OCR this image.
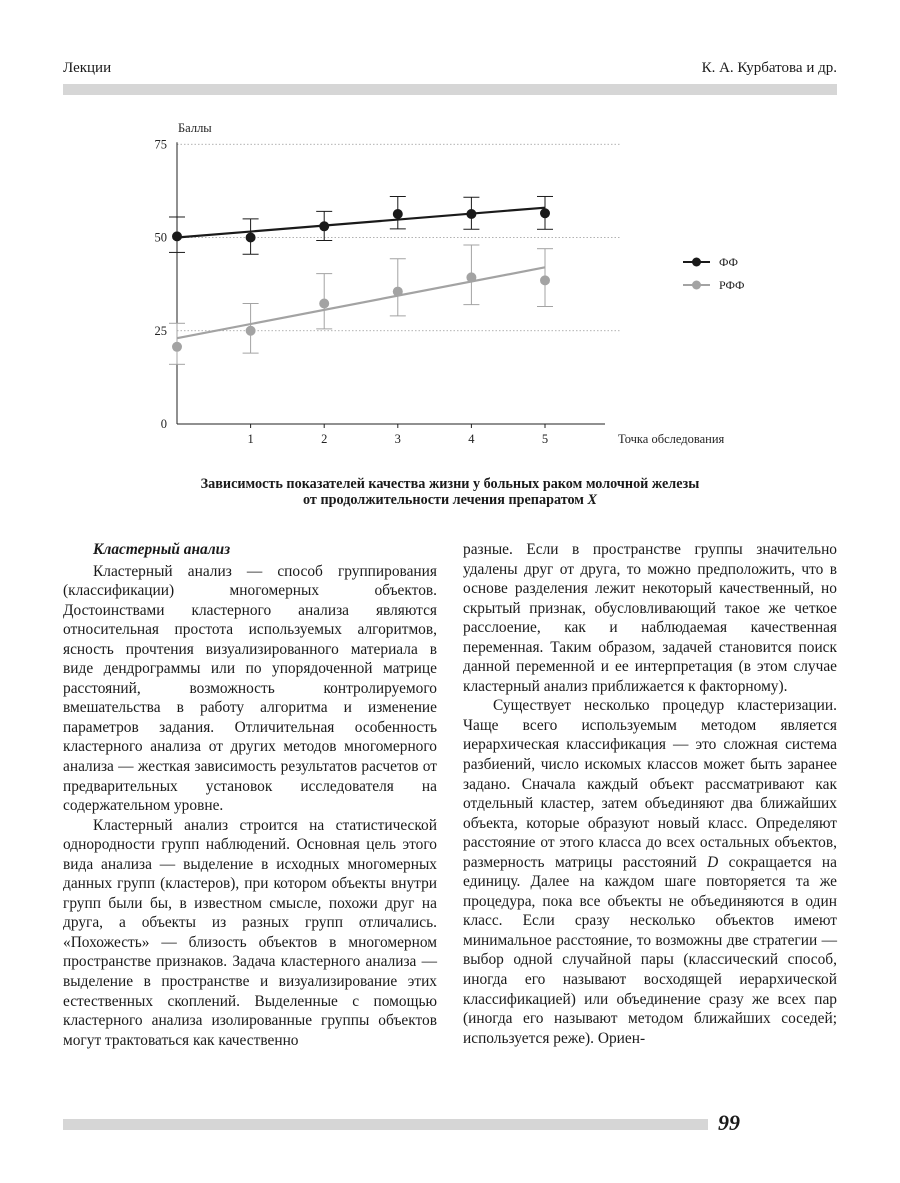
Лекции	К. А. Курбатова и др.
0
25
50
75
1	2	3	4	5
Баллы
Точка обследования
ФФ
РФФ
Зависимость показателей качества жизни у больных раком молочной железы
от продолжительности лечения препаратом X
Кластерный анализ

Кластерный анализ — способ группирования (классификации) многомерных объектов. Достоинствами кластерного анализа являются относительная простота используемых алгоритмов, ясность прочтения визуализированного материала в виде дендрограммы или по упорядоченной матрице расстояний, возможность контролируемого вмешательства в работу алгоритма и изменение параметров задания. Отличительная особенность кластерного анализа от других методов многомерного анализа — жесткая зависимость результатов расчетов от предварительных установок исследователя на содержательном уровне.

Кластерный анализ строится на статистической однородности групп наблюдений. Основная цель этого вида анализа — выделение в исходных многомерных данных групп (кластеров), при котором объекты внутри групп были бы, в известном смысле, похожи друг на друга, а объекты из разных групп отличались. «Похожесть» — близость объектов в многомерном пространстве признаков. Задача кластерного анализа — выделение в пространстве и визуализирование этих естественных скоплений. Выделенные с помощью кластерного анализа изолированные группы объектов могут трактоваться как качественно

разные. Если в пространстве группы значительно удалены друг от друга, то можно предположить, что в основе разделения лежит некоторый качественный, но скрытый признак, обусловливающий такое же четкое расслоение, как и наблюдаемая качественная переменная. Таким образом, задачей становится поиск данной переменной и ее интерпретация (в этом случае кластерный анализ приближается к факторному).

Существует несколько процедур кластеризации. Чаще всего используемым методом является иерархическая классификация — это сложная система разбиений, число искомых классов может быть заранее задано. Сначала каждый объект рассматривают как отдельный кластер, затем объединяют два ближайших объекта, которые образуют новый класс. Определяют расстояние от этого класса до всех остальных объектов, размерность матрицы расстояний D сокращается на единицу. Далее на каждом шаге повторяется та же процедура, пока все объекты не объединяются в один класс. Если сразу несколько объектов имеют минимальное расстояние, то возможны две стратегии — выбор одной случайной пары (классический способ, иногда его называют восходящей иерархической классификацией) или объединение сразу же всех пар (иногда его называют методом ближайших соседей; используется реже). Ориен-

99
